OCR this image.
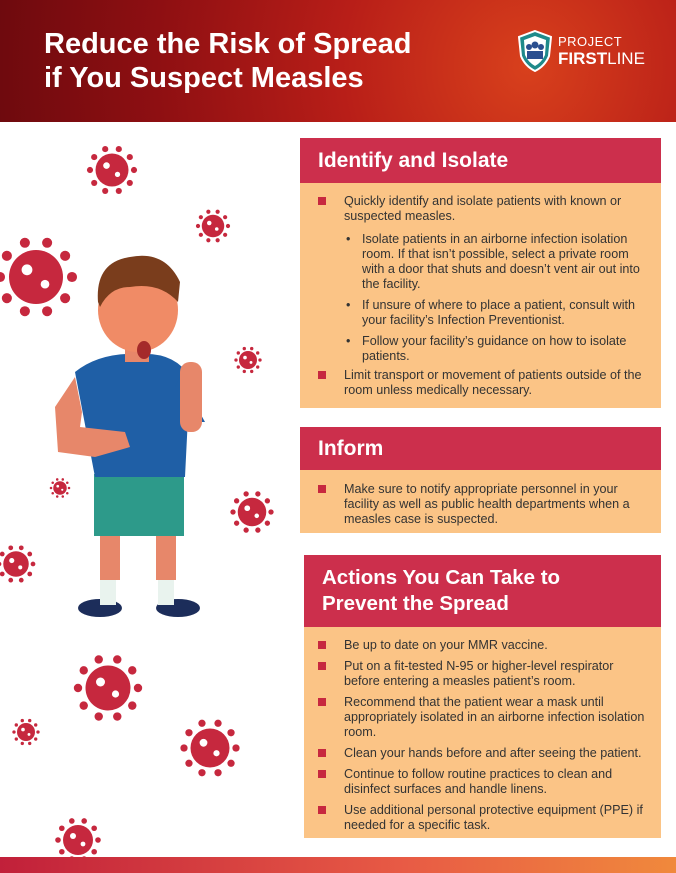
Reduce the Risk of Spread
if You Suspect Measles
PROJECT
FIRSTLINE
Identify and Isolate
Quickly identify and isolate patients with known or suspected measles.
• Isolate patients in an airborne infection isolation room. If that isn’t possible, select a private room with a door that shuts and doesn’t vent air out into the facility.
• If unsure of where to place a patient, consult with your facility’s Infection Preventionist.
• Follow your facility’s guidance on how to isolate patients.
Limit transport or movement of patients outside of the room unless medically necessary.
Inform
Make sure to notify appropriate personnel in your facility as well as public health departments when a measles case is suspected.
Actions You Can Take to
Prevent the Spread
Be up to date on your MMR vaccine.
Put on a fit-tested N-95 or higher-level respirator before entering a measles patient’s room.
Recommend that the patient wear a mask until appropriately isolated in an airborne infection isolation room.
Clean your hands before and after seeing the patient.
Continue to follow routine practices to clean and disinfect surfaces and handle linens.
Use additional personal protective equipment (PPE) if needed for a specific task.
